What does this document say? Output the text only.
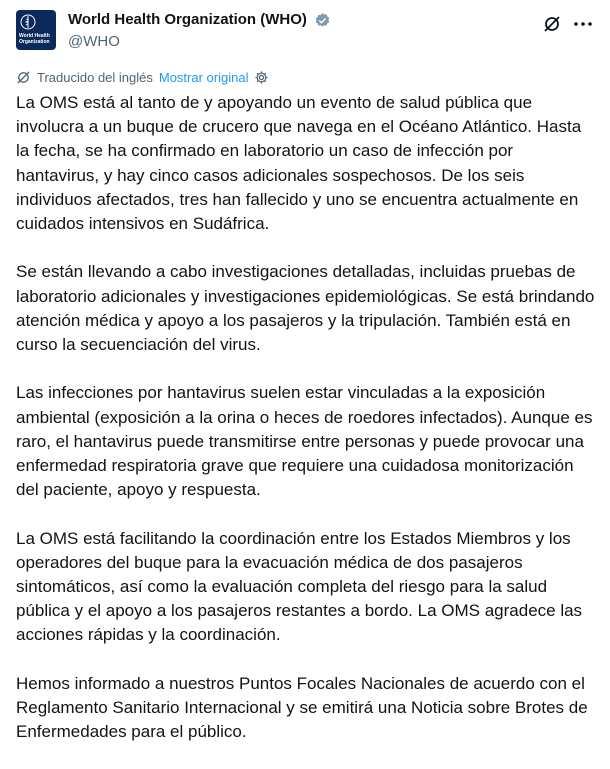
World Health Organization
World Health Organization (WHO)
@WHO
Traducido del inglés Mostrar original

La OMS está al tanto de y apoyando un evento de salud pública que involucra a un buque de crucero que navega en el Océano Atlántico. Hasta la fecha, se ha confirmado en laboratorio un caso de infección por hantavirus, y hay cinco casos adicionales sospechosos. De los seis individuos afectados, tres han fallecido y uno se encuentra actualmente en cuidados intensivos en Sudáfrica.

Se están llevando a cabo investigaciones detalladas, incluidas pruebas de laboratorio adicionales y investigaciones epidemiológicas. Se está brindando atención médica y apoyo a los pasajeros y la tripulación. También está en curso la secuenciación del virus.

Las infecciones por hantavirus suelen estar vinculadas a la exposición ambiental (exposición a la orina o heces de roedores infectados). Aunque es raro, el hantavirus puede transmitirse entre personas y puede provocar una enfermedad respiratoria grave que requiere una cuidadosa monitorización del paciente, apoyo y respuesta.

La OMS está facilitando la coordinación entre los Estados Miembros y los operadores del buque para la evacuación médica de dos pasajeros sintomáticos, así como la evaluación completa del riesgo para la salud pública y el apoyo a los pasajeros restantes a bordo. La OMS agradece las acciones rápidas y la coordinación.

Hemos informado a nuestros Puntos Focales Nacionales de acuerdo con el Reglamento Sanitario Internacional y se emitirá una Noticia sobre Brotes de Enfermedades para el público.
